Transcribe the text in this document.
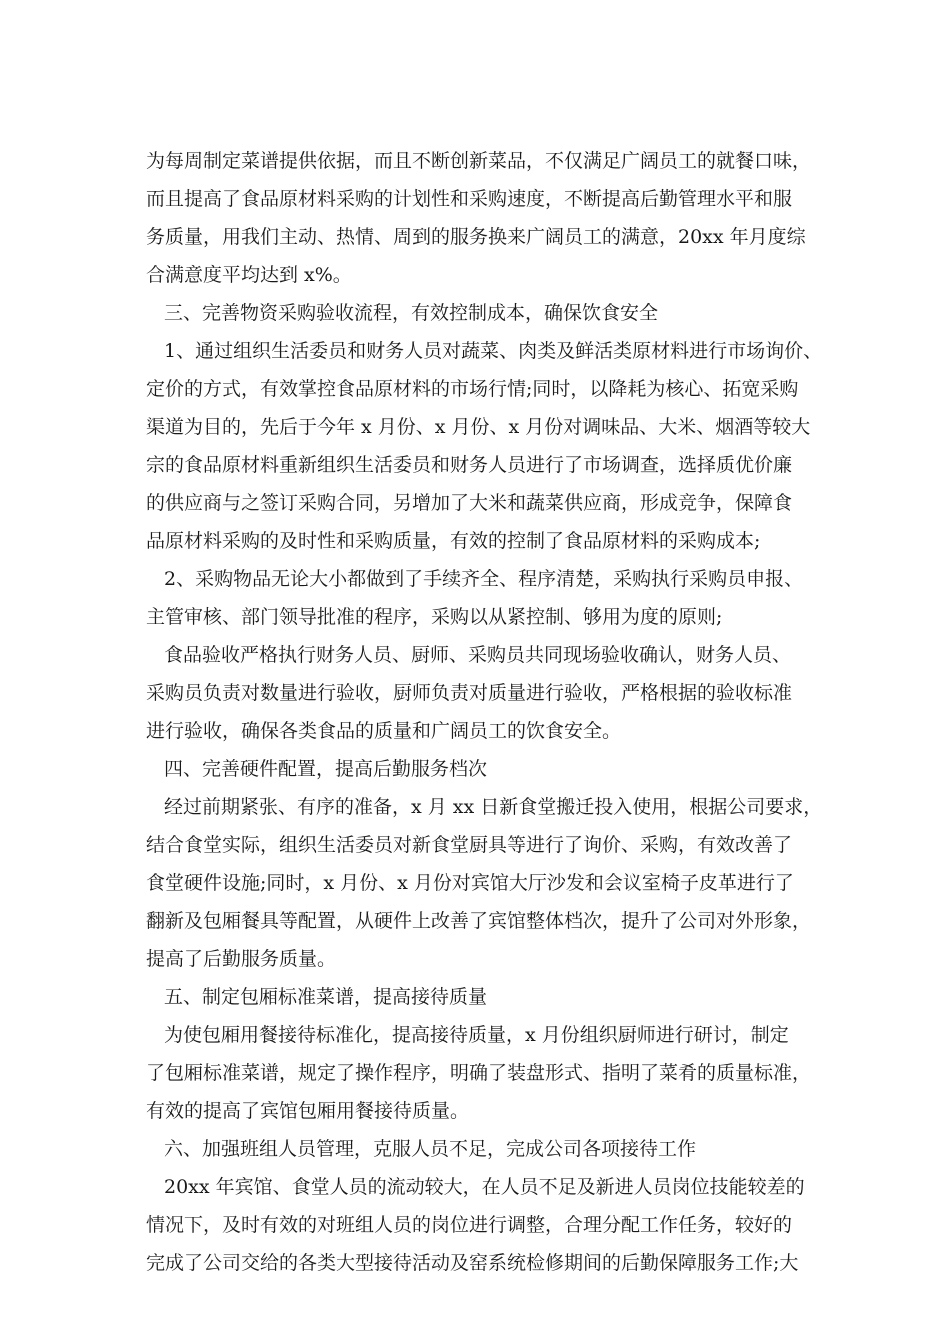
为每周制定菜谱提供依据，而且不断创新菜品，不仅满足广阔员工的就餐口味，
而且提高了食品原材料采购的计划性和采购速度，不断提高后勤管理水平和服
务质量，用我们主动、热情、周到的服务换来广阔员工的满意，20xx 年月度综
合满意度平均达到 x%。
三、完善物资采购验收流程，有效控制成本，确保饮食安全
1、通过组织生活委员和财务人员对蔬菜、肉类及鲜活类原材料进行市场询价、
定价的方式，有效掌控食品原材料的市场行情;同时，以降耗为核心、拓宽采购
渠道为目的，先后于今年 x 月份、x 月份、x 月份对调味品、大米、烟酒等较大
宗的食品原材料重新组织生活委员和财务人员进行了市场调查，选择质优价廉
的供应商与之签订采购合同，另增加了大米和蔬菜供应商，形成竞争，保障食
品原材料采购的及时性和采购质量，有效的控制了食品原材料的采购成本;
2、采购物品无论大小都做到了手续齐全、程序清楚，采购执行采购员申报、
主管审核、部门领导批准的程序，采购以从紧控制、够用为度的原则;
食品验收严格执行财务人员、厨师、采购员共同现场验收确认，财务人员、
采购员负责对数量进行验收，厨师负责对质量进行验收，严格根据的验收标准
进行验收，确保各类食品的质量和广阔员工的饮食安全。
四、完善硬件配置，提高后勤服务档次
经过前期紧张、有序的准备，x 月 xx 日新食堂搬迁投入使用，根据公司要求，
结合食堂实际，组织生活委员对新食堂厨具等进行了询价、采购，有效改善了
食堂硬件设施;同时，x 月份、x 月份对宾馆大厅沙发和会议室椅子皮革进行了
翻新及包厢餐具等配置，从硬件上改善了宾馆整体档次，提升了公司对外形象，
提高了后勤服务质量。
五、制定包厢标准菜谱，提高接待质量
为使包厢用餐接待标准化，提高接待质量，x 月份组织厨师进行研讨，制定
了包厢标准菜谱，规定了操作程序，明确了装盘形式、指明了菜肴的质量标准，
有效的提高了宾馆包厢用餐接待质量。
六、加强班组人员管理，克服人员不足，完成公司各项接待工作
20xx 年宾馆、食堂人员的流动较大，在人员不足及新进人员岗位技能较差的
情况下，及时有效的对班组人员的岗位进行调整，合理分配工作任务，较好的
完成了公司交给的各类大型接待活动及窑系统检修期间的后勤保障服务工作;大
